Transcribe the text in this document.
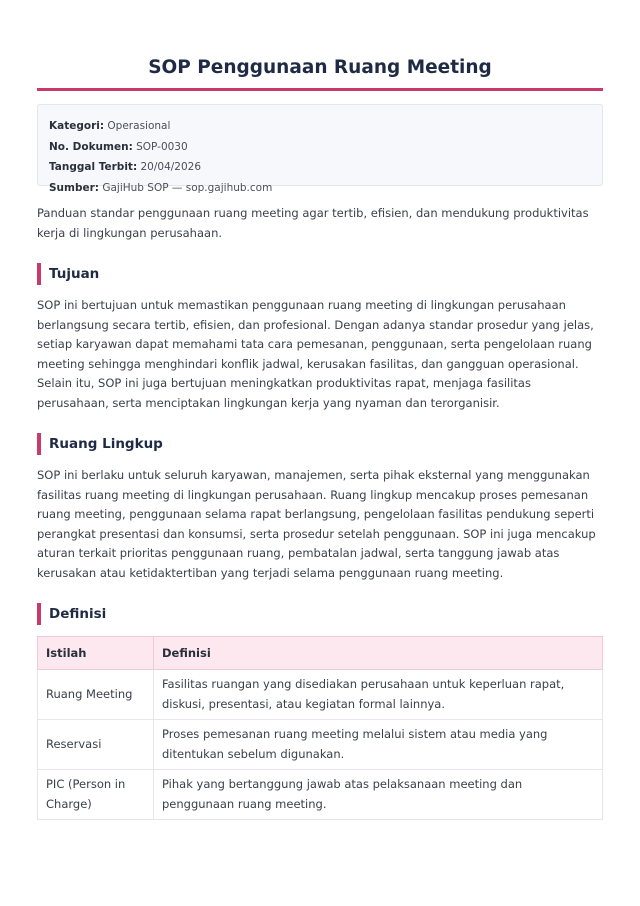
SOP Penggunaan Ruang Meeting
Kategori: Operasional
No. Dokumen: SOP-0030
Tanggal Terbit: 20/04/2026
Sumber: GajiHub SOP — sop.gajihub.com
Panduan standar penggunaan ruang meeting agar tertib, efisien, dan mendukung produktivitas kerja di lingkungan perusahaan.
Tujuan
SOP ini bertujuan untuk memastikan penggunaan ruang meeting di lingkungan perusahaan berlangsung secara tertib, efisien, dan profesional. Dengan adanya standar prosedur yang jelas, setiap karyawan dapat memahami tata cara pemesanan, penggunaan, serta pengelolaan ruang meeting sehingga menghindari konflik jadwal, kerusakan fasilitas, dan gangguan operasional. Selain itu, SOP ini juga bertujuan meningkatkan produktivitas rapat, menjaga fasilitas perusahaan, serta menciptakan lingkungan kerja yang nyaman dan terorganisir.
Ruang Lingkup
SOP ini berlaku untuk seluruh karyawan, manajemen, serta pihak eksternal yang menggunakan fasilitas ruang meeting di lingkungan perusahaan. Ruang lingkup mencakup proses pemesanan ruang meeting, penggunaan selama rapat berlangsung, pengelolaan fasilitas pendukung seperti perangkat presentasi dan konsumsi, serta prosedur setelah penggunaan. SOP ini juga mencakup aturan terkait prioritas penggunaan ruang, pembatalan jadwal, serta tanggung jawab atas kerusakan atau ketidaktertiban yang terjadi selama penggunaan ruang meeting.
Definisi
Istilah	Definisi
Ruang Meeting	Fasilitas ruangan yang disediakan perusahaan untuk keperluan rapat, diskusi, presentasi, atau kegiatan formal lainnya.
Reservasi	Proses pemesanan ruang meeting melalui sistem atau media yang ditentukan sebelum digunakan.
PIC (Person in Charge)	Pihak yang bertanggung jawab atas pelaksanaan meeting dan penggunaan ruang meeting.
